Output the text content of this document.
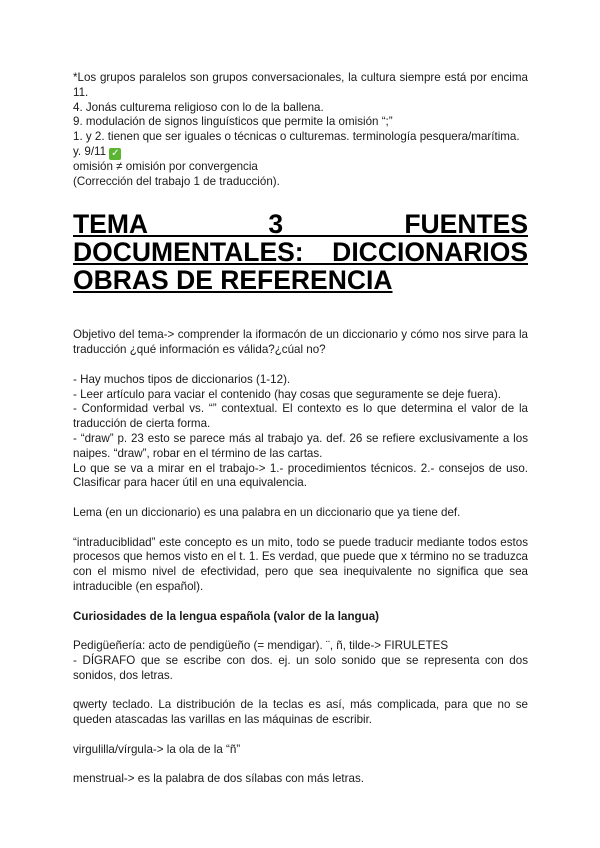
*Los grupos paralelos son grupos conversacionales, la cultura siempre está por encima 11.

4. Jonás culturema religioso con lo de la ballena.

9. modulación de signos linguísticos que permite la omisión “;”

1. y 2. tienen que ser iguales o técnicas o culturemas. terminología pesquera/marítima.

y. 9/11 ✓

omisión ≠ omisión por convergencia

(Corrección del trabajo 1 de traducción).

TEMA 3 FUENTES
DOCUMENTALES: DICCIONARIOS
OBRAS DE REFERENCIA

Objetivo del tema-> comprender la iformacón de un diccionario y cómo nos sirve para la traducción ¿qué información es válida?¿cúal no?

- Hay muchos tipos de diccionarios (1-12).

- Leer artículo para vaciar el contenido (hay cosas que seguramente se deje fuera).

- Conformidad verbal vs. “” contextual. El contexto es lo que determina el valor de la traducción de cierta forma.

- “draw” p. 23 esto se parece más al trabajo ya. def. 26 se refiere exclusivamente a los naipes. “draw”, robar en el término de las cartas.

Lo que se va a mirar en el trabajo-> 1.- procedimientos técnicos. 2.- consejos de uso. Clasificar para hacer útil en una equivalencia.

Lema (en un diccionario) es una palabra en un diccionario que ya tiene def.

“intraduciblidad” este concepto es un mito, todo se puede traducir mediante todos estos procesos que hemos visto en el t. 1. Es verdad, que puede que x término no se traduzca con el mismo nivel de efectividad, pero que sea inequivalente no significa que sea intraducible (en español).

Curiosidades de la lengua española (valor de la langua)

Pedigüeñería: acto de pendigüeño (= mendigar). ¨, ñ, tilde-> FIRULETES

- DÍGRAFO que se escribe con dos. ej. un solo sonido que se representa con dos sonidos, dos letras.

qwerty teclado. La distribución de la teclas es así, más complicada, para que no se queden atascadas las varillas en las máquinas de escribir.

virgulilla/vírgula-> la ola de la “ñ”

menstrual-> es la palabra de dos sílabas con más letras.
